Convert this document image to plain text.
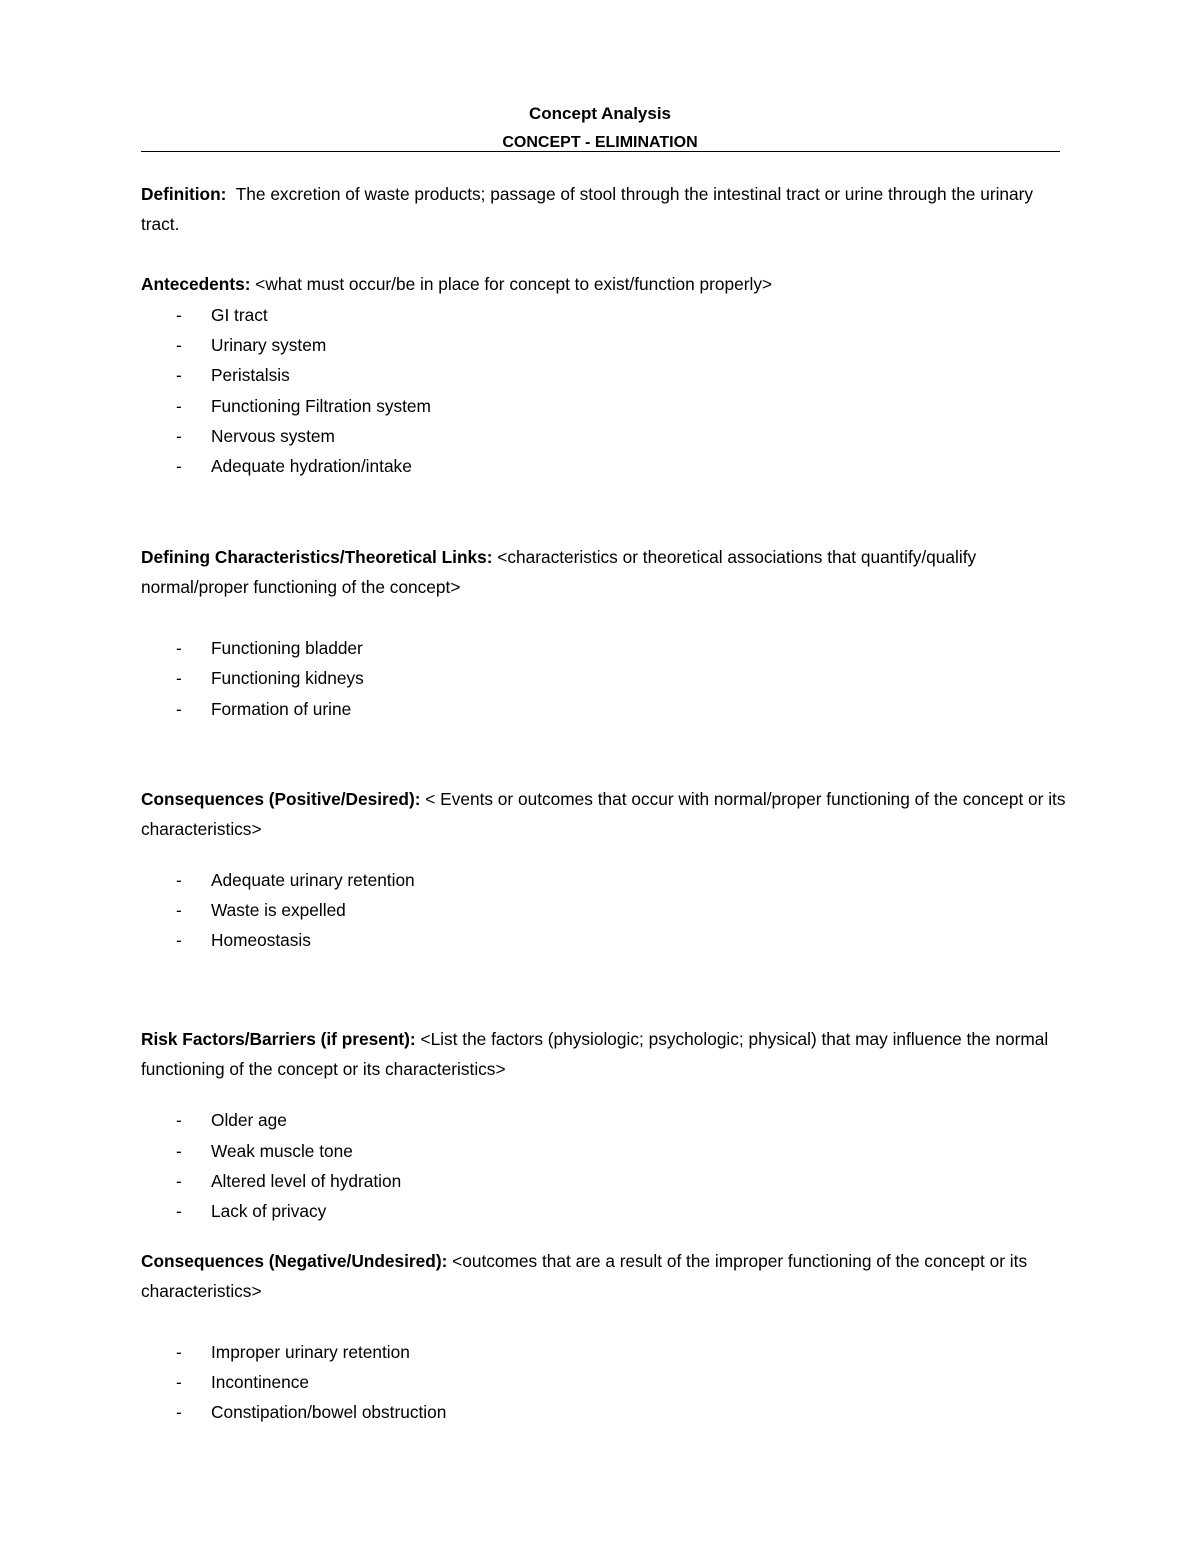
Concept Analysis
CONCEPT - ELIMINATION

Definition: The excretion of waste products; passage of stool through the intestinal tract or urine through the urinary tract.

Antecedents: <what must occur/be in place for concept to exist/function properly>

- GI tract
- Urinary system
- Peristalsis
- Functioning Filtration system
- Nervous system
- Adequate hydration/intake

Defining Characteristics/Theoretical Links: <characteristics or theoretical associations that quantify/qualify normal/proper functioning of the concept>

- Functioning bladder
- Functioning kidneys
- Formation of urine

Consequences (Positive/Desired): < Events or outcomes that occur with normal/proper functioning of the concept or its characteristics>

- Adequate urinary retention
- Waste is expelled
- Homeostasis

Risk Factors/Barriers (if present): <List the factors (physiologic; psychologic; physical) that may influence the normal functioning of the concept or its characteristics>

- Older age
- Weak muscle tone
- Altered level of hydration
- Lack of privacy

Consequences (Negative/Undesired): <outcomes that are a result of the improper functioning of the concept or its characteristics>

- Improper urinary retention
- Incontinence
- Constipation/bowel obstruction
